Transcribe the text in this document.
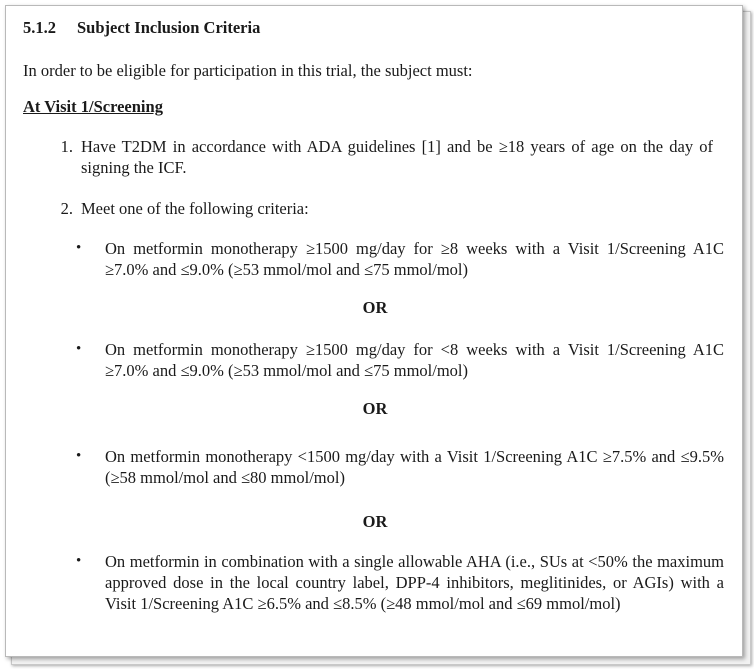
5.1.2 Subject Inclusion Criteria
In order to be eligible for participation in this trial, the subject must:
At Visit 1/Screening
1. Have T2DM in accordance with ADA guidelines [1] and be ≥18 years of age on the day of signing the ICF.
2. Meet one of the following criteria:
• On metformin monotherapy ≥1500 mg/day for ≥8 weeks with a Visit 1/Screening A1C ≥7.0% and ≤9.0% (≥53 mmol/mol and ≤75 mmol/mol)
OR
• On metformin monotherapy ≥1500 mg/day for <8 weeks with a Visit 1/Screening A1C ≥7.0% and ≤9.0% (≥53 mmol/mol and ≤75 mmol/mol)
OR
• On metformin monotherapy <1500 mg/day with a Visit 1/Screening A1C ≥7.5% and ≤9.5% (≥58 mmol/mol and ≤80 mmol/mol)
OR
• On metformin in combination with a single allowable AHA (i.e., SUs at <50% the maximum approved dose in the local country label, DPP-4 inhibitors, meglitinides, or AGIs) with a Visit 1/Screening A1C ≥6.5% and ≤8.5% (≥48 mmol/mol and ≤69 mmol/mol)
